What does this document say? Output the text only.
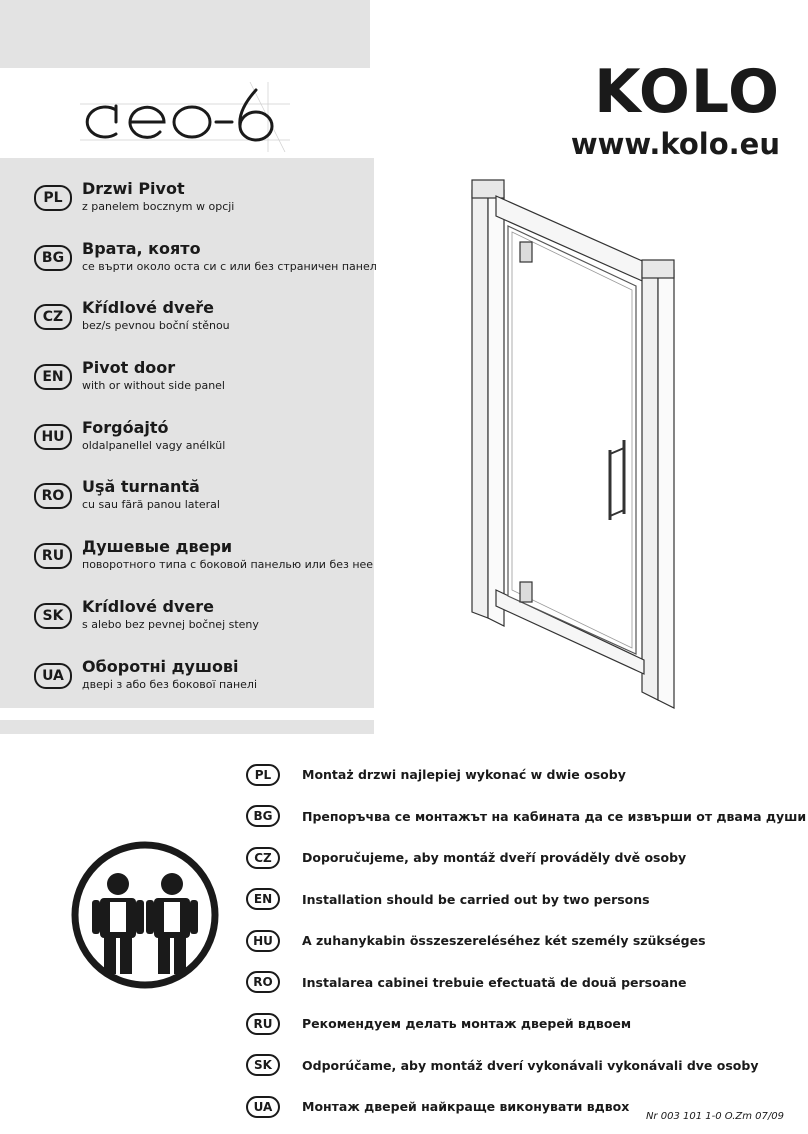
KOLO
www.kolo.eu
PL	Drzwi Pivot
z panelem bocznym w opcji
BG	Врата, която
се върти около оста си с или без страничен панел
CZ	Křídlové dveře
bez/s pevnou boční stěnou
EN	Pivot door
with or without side panel
HU	Forgóajtó
oldalpanellel vagy anélkül
RO	Uşă turnantă
cu sau fără panou lateral
RU	Душевые двери
поворотного типа с боковой панелью или без нее
SK	Krídlové dvere
s alebo bez pevnej bočnej steny
UA	Оборотні душові
двері з або без бокової панелі
PL	Montaż drzwi najlepiej wykonać w dwie osoby
BG	Препоръчва се монтажът на кабината да се извърши от двама души
CZ	Doporučujeme, aby montáž dveří prováděly dvě osoby
EN	Installation should be carried out by two persons
HU	A zuhanykabin összeszereléséhez két személy szükséges
RO	Instalarea cabinei trebuie efectuată de două persoane
RU	Рекомендуем делать монтаж дверей вдвоем
SK	Odporúčame, aby montáž dverí vykonávali vykonávali dve osoby
UA	Монтаж дверей найкраще виконувати вдвох
Nr 003 101 1-0 O.Zm 07/09
